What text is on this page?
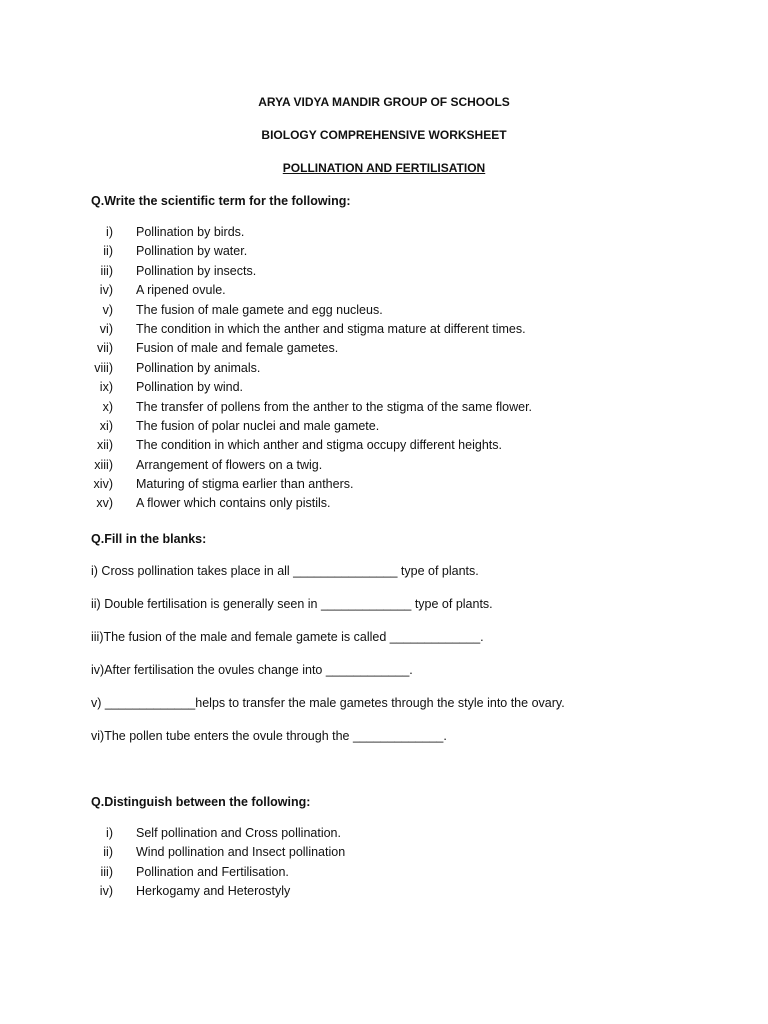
ARYA VIDYA MANDIR GROUP OF SCHOOLS
BIOLOGY COMPREHENSIVE WORKSHEET
POLLINATION AND FERTILISATION
Q.Write the scientific term for the following:
i) Pollination by birds.
ii) Pollination by water.
iii) Pollination by insects.
iv) A ripened ovule.
v) The fusion of male gamete and egg nucleus.
vi) The condition in which the anther and stigma mature at different times.
vii) Fusion of male and female gametes.
viii) Pollination by animals.
ix) Pollination by wind.
x) The transfer of pollens from the anther to the stigma of the same flower.
xi) The fusion of polar nuclei and male gamete.
xii) The condition in which anther and stigma occupy different heights.
xiii) Arrangement of flowers on a twig.
xiv) Maturing of stigma earlier than anthers.
xv) A flower which contains only pistils.
Q.Fill in the blanks:
i) Cross pollination takes place in all _______________ type of plants.
ii) Double fertilisation is generally seen in _____________ type of plants.
iii)The fusion of the male and female gamete is called _____________.
iv)After fertilisation the ovules change into ____________.
v) _____________helps to transfer the male gametes through the style into the ovary.
vi)The pollen tube enters the ovule through the _____________.
Q.Distinguish between the following:
i) Self pollination and Cross pollination.
ii) Wind pollination and Insect pollination
iii) Pollination and Fertilisation.
iv) Herkogamy and Heterostyly
